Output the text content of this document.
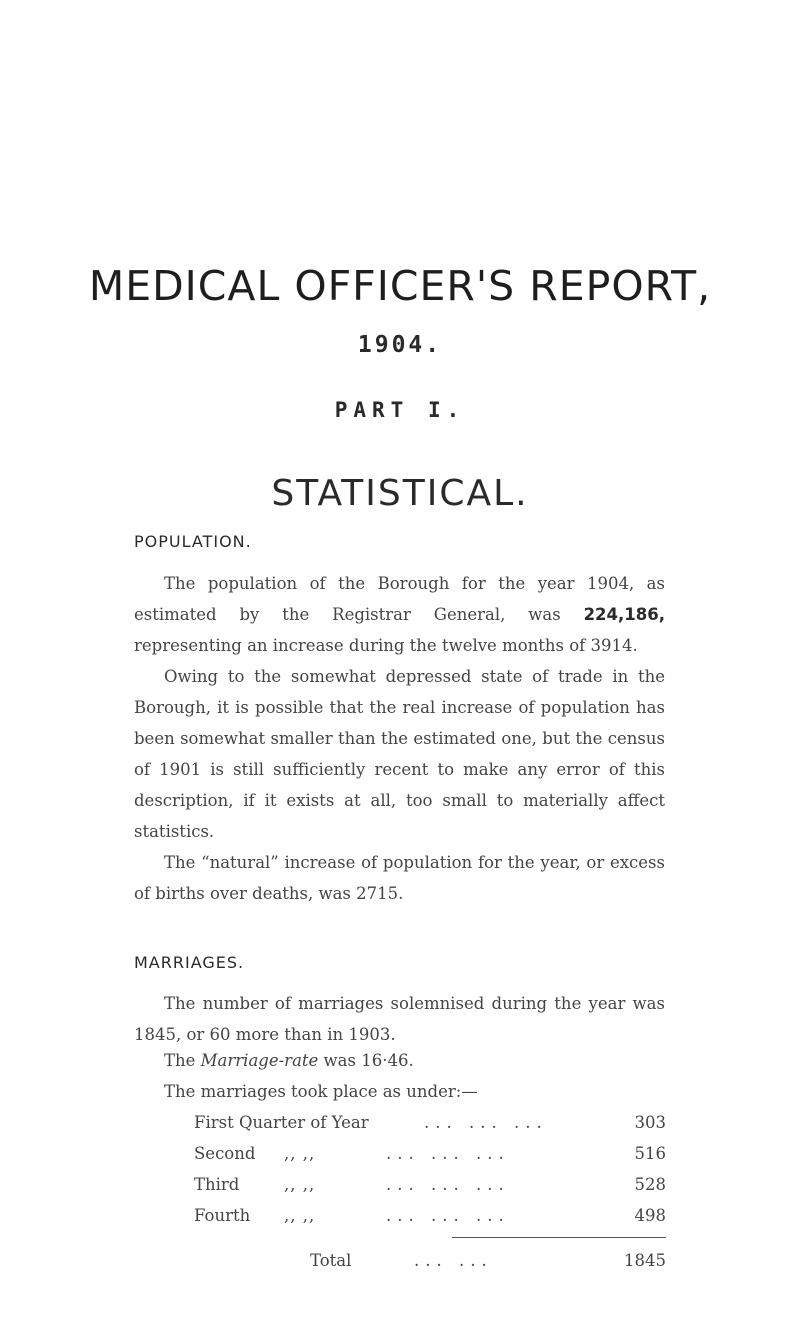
MEDICAL OFFICER'S REPORT,
1904.
PART I.
STATISTICAL.
POPULATION.

The population of the Borough for the year 1904, as estimated by the Registrar General, was 224,186, representing an increase during the twelve months of 3914.

Owing to the somewhat depressed state of trade in the Borough, it is possible that the real increase of population has been somewhat smaller than the estimated one, but the census of 1901 is still sufficiently recent to make any error of this description, if it exists at all, too small to materially affect statistics.

The “natural” increase of population for the year, or excess of births over deaths, was 2715.

MARRIAGES.

The number of marriages solemnised during the year was 1845, or 60 more than in 1903.

The Marriage-rate was 16·46.

The marriages took place as under:—

First Quarter of Year	... ... ...	303
Second ,, ,,	... ... ...	516
Third	,, ,,	... ... ...	528
Fourth ,, ,,	... ... ...	498
Total	... ...	1845
